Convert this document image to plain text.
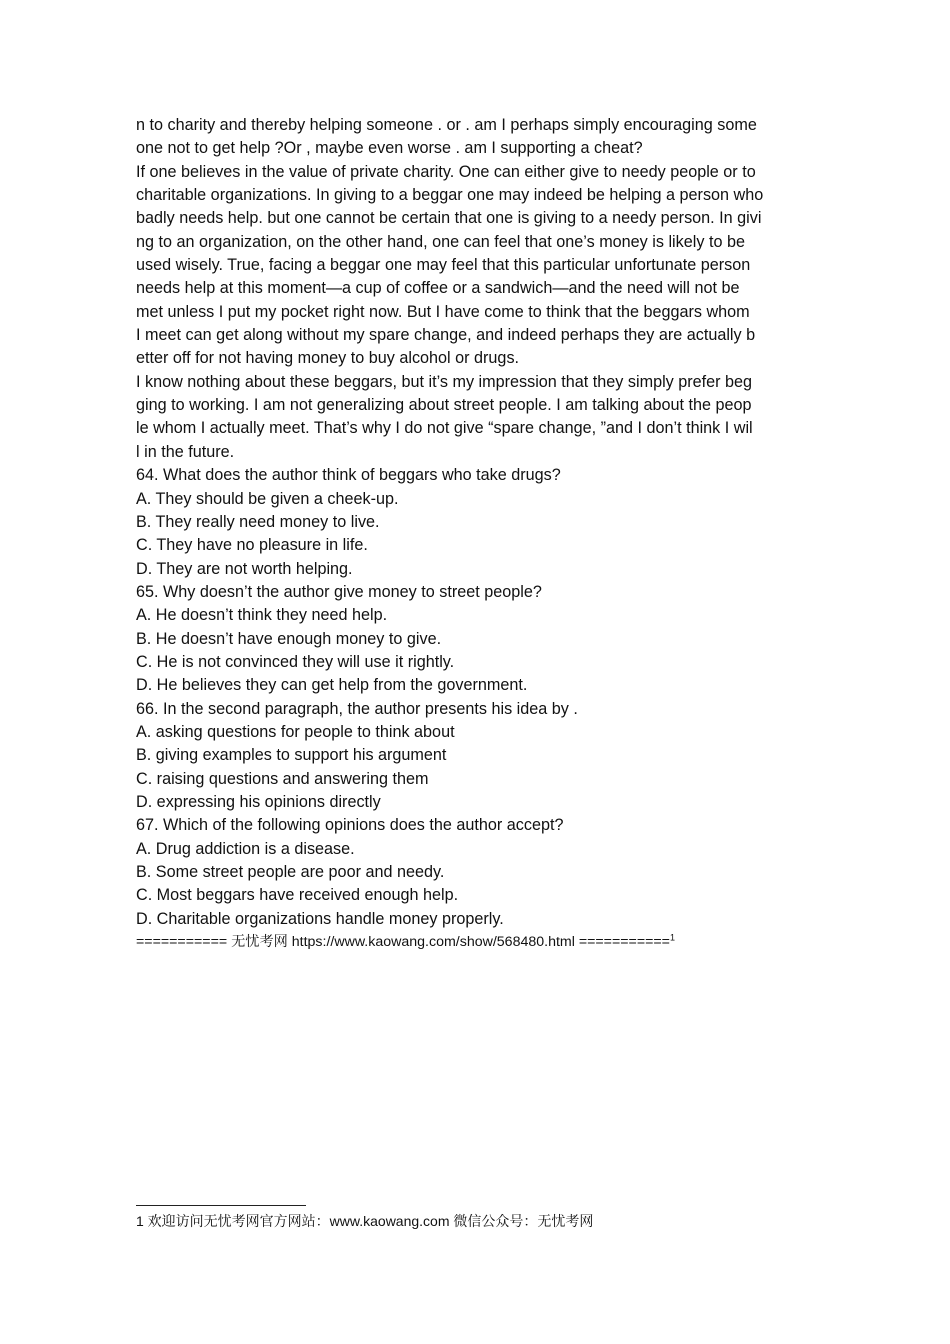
n to charity and thereby helping someone . or . am I perhaps simply encouraging some
one not to get help ?Or , maybe even worse . am I supporting a cheat?
If one believes in the value of private charity. One can either give to needy people or to
charitable organizations. In giving to a beggar one may indeed be helping a person who
badly needs help. but one cannot be certain that one is giving to a needy person. In givi
ng to an organization, on the other hand, one can feel that one’s money is likely to be
used wisely. True, facing a beggar one may feel that this particular unfortunate person
needs help at this moment—a cup of coffee or a sandwich—and the need will not be
met unless I put my pocket right now. But I have come to think that the beggars whom
I meet can get along without my spare change, and indeed perhaps they are actually b
etter off for not having money to buy alcohol or drugs.
I know nothing about these beggars, but it’s my impression that they simply prefer beg
ging to working. I am not generalizing about street people. I am talking about the peop
le whom I actually meet. That’s why I do not give “spare change, ”and I don’t think I wil
l in the future.
64. What does the author think of beggars who take drugs?
A. They should be given a cheek-up.
B. They really need money to live.
C. They have no pleasure in life.
D. They are not worth helping.
65. Why doesn’t the author give money to street people?
A. He doesn’t think they need help.
B. He doesn’t have enough money to give.
C. He is not convinced they will use it rightly.
D. He believes they can get help from the government.
66. In the second paragraph, the author presents his idea by .
A. asking questions for people to think about
B. giving examples to support his argument
C. raising questions and answering them
D. expressing his opinions directly
67. Which of the following opinions does the author accept?
A. Drug addiction is a disease.
B. Some street people are poor and needy.
C. Most beggars have received enough help.
D. Charitable organizations handle money properly.
=========== 无忧考网 https://www.kaowang.com/show/568480.html ===========$^1$
1 欢迎访问无忧考网官方网站：www.kaowang.com 微信公众号：无忧考网
